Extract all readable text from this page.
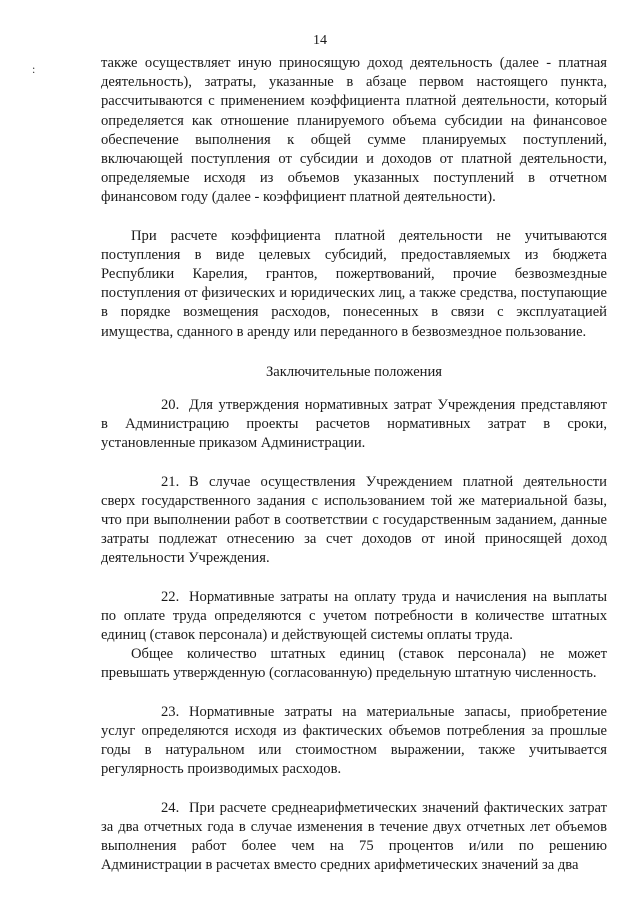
14
:	также осуществляет иную приносящую доход деятельность (далее - платная деятельность), затраты, указанные в абзаце первом настоящего пункта, рассчитываются с применением коэффициента платной деятельности, который определяется как отношение планируемого объема субсидии на финансовое обеспечение выполнения к общей сумме планируемых поступлений, включающей поступления от субсидии и доходов от платной деятельности, определяемые исходя из объемов указанных поступлений в отчетном финансовом году (далее - коэффициент платной деятельности).

При расчете коэффициента платной деятельности не учитываются поступления в виде целевых субсидий, предоставляемых из бюджета Республики Карелия, грантов, пожертвований, прочие безвозмездные поступления от физических и юридических лиц, а также средства, поступающие в порядке возмещения расходов, понесенных в связи с эксплуатацией имущества, сданного в аренду или переданного в безвозмездное пользование.

Заключительные положения

20. Для утверждения нормативных затрат Учреждения представляют в Администрацию проекты расчетов нормативных затрат в сроки, установленные приказом Администрации.

21. В случае осуществления Учреждением платной деятельности сверх государственного задания с использованием той же материальной базы, что при выполнении работ в соответствии с государственным заданием, данные затраты подлежат отнесению за счет доходов от иной приносящей доход деятельности Учреждения.

22. Нормативные затраты на оплату труда и начисления на выплаты по оплате труда определяются с учетом потребности в количестве штатных единиц (ставок персонала) и действующей системы оплаты труда.

Общее количество штатных единиц (ставок персонала) не может превышать утвержденную (согласованную) предельную штатную численность.

23. Нормативные затраты на материальные запасы, приобретение услуг определяются исходя из фактических объемов потребления за прошлые годы в натуральном или стоимостном выражении, также учитывается регулярность производимых расходов.

24. При расчете среднеарифметических значений фактических затрат за два отчетных года в случае изменения в течение двух отчетных лет объемов выполнения работ более чем на 75 процентов и/или по решению Администрации в расчетах вместо средних арифметических значений за два
